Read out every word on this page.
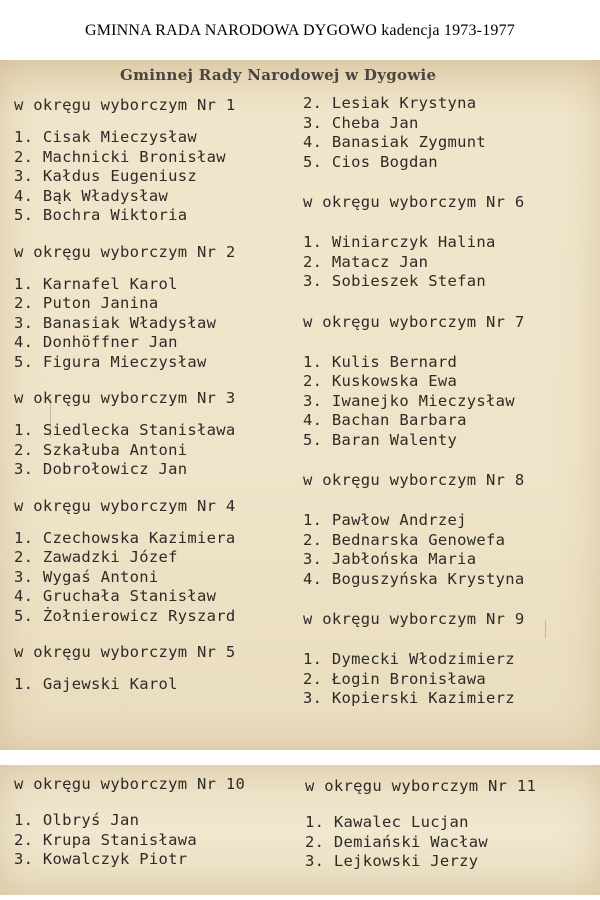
GMINNA RADA NARODOWA DYGOWO kadencja 1973-1977
Gminnej Rady Narodowej w Dygowie
w okręgu wyborczym Nr 1
1. Cisak Mieczysław
2. Machnicki Bronisław
3. Kałdus Eugeniusz
4. Bąk Władysław
5. Bochra Wiktoria
w okręgu wyborczym Nr 2
1. Karnafel Karol
2. Puton Janina
3. Banasiak Władysław
4. Donhöffner Jan
5. Figura Mieczysław
w okręgu wyborczym Nr 3
1. Siedlecka Stanisława
2. Szkałuba Antoni
3. Dobrołowicz Jan
w okręgu wyborczym Nr 4
1. Czechowska Kazimiera
2. Zawadzki Józef
3. Wygaś Antoni
4. Gruchała Stanisław
5. Żołnierowicz Ryszard
w okręgu wyborczym Nr 5
1. Gajewski Karol
2. Lesiak Krystyna
3. Cheba Jan
4. Banasiak Zygmunt
5. Cios Bogdan
w okręgu wyborczym Nr 6
1. Winiarczyk Halina
2. Matacz Jan
3. Sobieszek Stefan
w okręgu wyborczym Nr 7
1. Kulis Bernard
2. Kuskowska Ewa
3. Iwanejko Mieczysław
4. Bachan Barbara
5. Baran Walenty
w okręgu wyborczym Nr 8
1. Pawłow Andrzej
2. Bednarska Genowefa
3. Jabłońska Maria
4. Boguszyńska Krystyna
w okręgu wyborczym Nr 9
1. Dymecki Włodzimierz
2. Łogin Bronisława
3. Kopierski Kazimierz
w okręgu wyborczym Nr 10
1. Olbryś Jan
2. Krupa Stanisława
3. Kowalczyk Piotr
w okręgu wyborczym Nr 11
1. Kawalec Lucjan
2. Demiański Wacław
3. Lejkowski Jerzy
